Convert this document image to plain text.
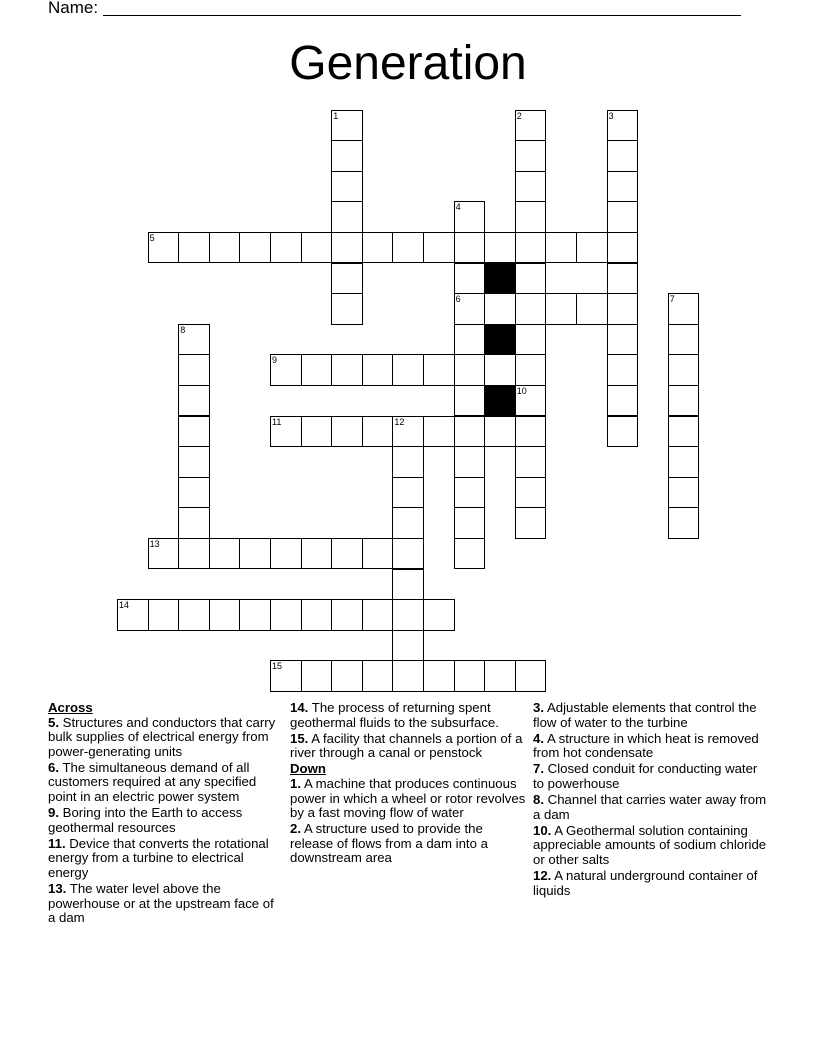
Name:
Generation
1	2
10
3
4
6
5
7
8
9
11	12
13
14
15

Across

5. Structures and conductors that carry bulk supplies of electrical energy from power-generating units

6. The simultaneous demand of all customers required at any specified point in an electric power system

9. Boring into the Earth to access geothermal resources

11. Device that converts the rotational energy from a turbine to electrical energy

13. The water level above the powerhouse or at the upstream face of a dam

14. The process of returning spent geothermal fluids to the subsurface.

15. A facility that channels a portion of a river through a canal or penstock

Down

1. A machine that produces continuous power in which a wheel or rotor revolves by a fast moving flow of water

2. A structure used to provide the release of flows from a dam into a downstream area

3. Adjustable elements that control the flow of water to the turbine

4. A structure in which heat is removed from hot condensate

7. Closed conduit for conducting water to powerhouse

8. Channel that carries water away from a dam

10. A Geothermal solution containing appreciable amounts of sodium chloride or other salts

12. A natural underground container of liquids
